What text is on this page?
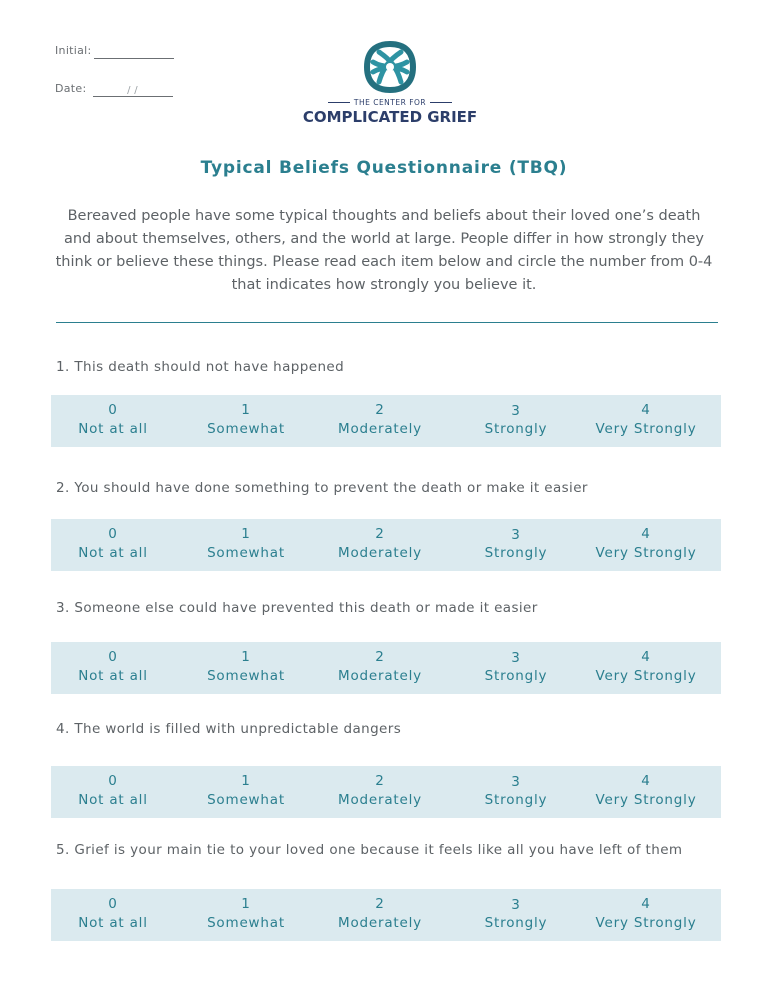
Initial:
Date:	/ /
THE CENTER FOR
COMPLICATED GRIEF
Typical Beliefs Questionnaire (TBQ)
Bereaved people have some typical thoughts and beliefs about their loved one’s death and about themselves, others, and the world at large. People differ in how strongly they think or believe these things. Please read each item below and circle the number from 0-4 that indicates how strongly you believe it.
1. This death should not have happened
0
Not at all
1
Somewhat
2
Moderately
3
Strongly
4
Very Strongly
2. You should have done something to prevent the death or make it easier
0
Not at all
1
Somewhat
2
Moderately
3
Strongly
4
Very Strongly
3. Someone else could have prevented this death or made it easier
0
Not at all
1
Somewhat
2
Moderately
3
Strongly
4
Very Strongly
4. The world is filled with unpredictable dangers
0
Not at all
1
Somewhat
2
Moderately
3
Strongly
4
Very Strongly
5. Grief is your main tie to your loved one because it feels like all you have left of them
0
Not at all
1
Somewhat
2
Moderately
3
Strongly
4
Very Strongly
